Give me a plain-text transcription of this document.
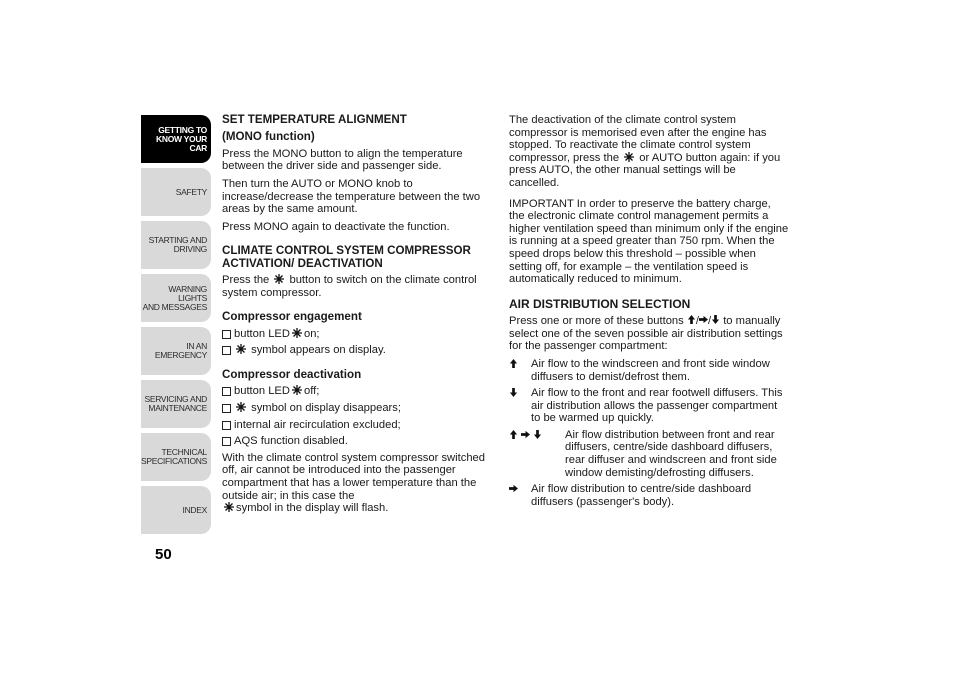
GETTING TO
KNOW YOUR CAR
SAFETY
STARTING AND
DRIVING
WARNING LIGHTS
AND MESSAGES
IN AN EMERGENCY
SERVICING AND
MAINTENANCE
TECHNICAL
SPECIFICATIONS
INDEX
50

SET TEMPERATURE ALIGNMENT

(MONO function)

Press the MONO button to align the temperature between the driver side and passenger side.

Then turn the AUTO or MONO knob to increase/decrease the temperature between the two areas by the same amount.

Press MONO again to deactivate the function.

CLIMATE CONTROL SYSTEM COMPRESSOR ACTIVATION/ DEACTIVATION

Press the button to switch on the climate control system compressor.

Compressor engagement

button LED on;
symbol appears on display.

Compressor deactivation

button LED off;
symbol on display disappears;
internal air recirculation excluded;
AQS function disabled.

With the climate control system compressor switched off, air cannot be introduced into the passenger compartment that has a lower temperature than the outside air; in this case the
symbol in the display will flash.

The deactivation of the climate control system compressor is memorised even after the engine has stopped. To reactivate the climate control system compressor, press the or AUTO button again: if you press AUTO, the other manual settings will be cancelled.

IMPORTANT In order to preserve the battery charge, the electronic climate control management permits a higher ventilation speed than minimum only if the engine is running at a speed greater than 750 rpm. When the speed drops below this threshold – possible when setting off, for example – the ventilation speed is automatically reduced to minimum.

AIR DISTRIBUTION SELECTION

Press one or more of these buttons / / to manually select one of the seven possible air distribution settings for the passenger compartment:

Air flow to the windscreen and front side window diffusers to demist/defrost them.
Air flow to the front and rear footwell diffusers. This air distribution allows the passenger compartment to be warmed up quickly.

Air flow distribution between front and rear diffusers, centre/side dashboard diffusers, rear diffuser and windscreen and front side window demisting/defrosting diffusers.
Air flow distribution to centre/side dashboard diffusers (passenger's body).
